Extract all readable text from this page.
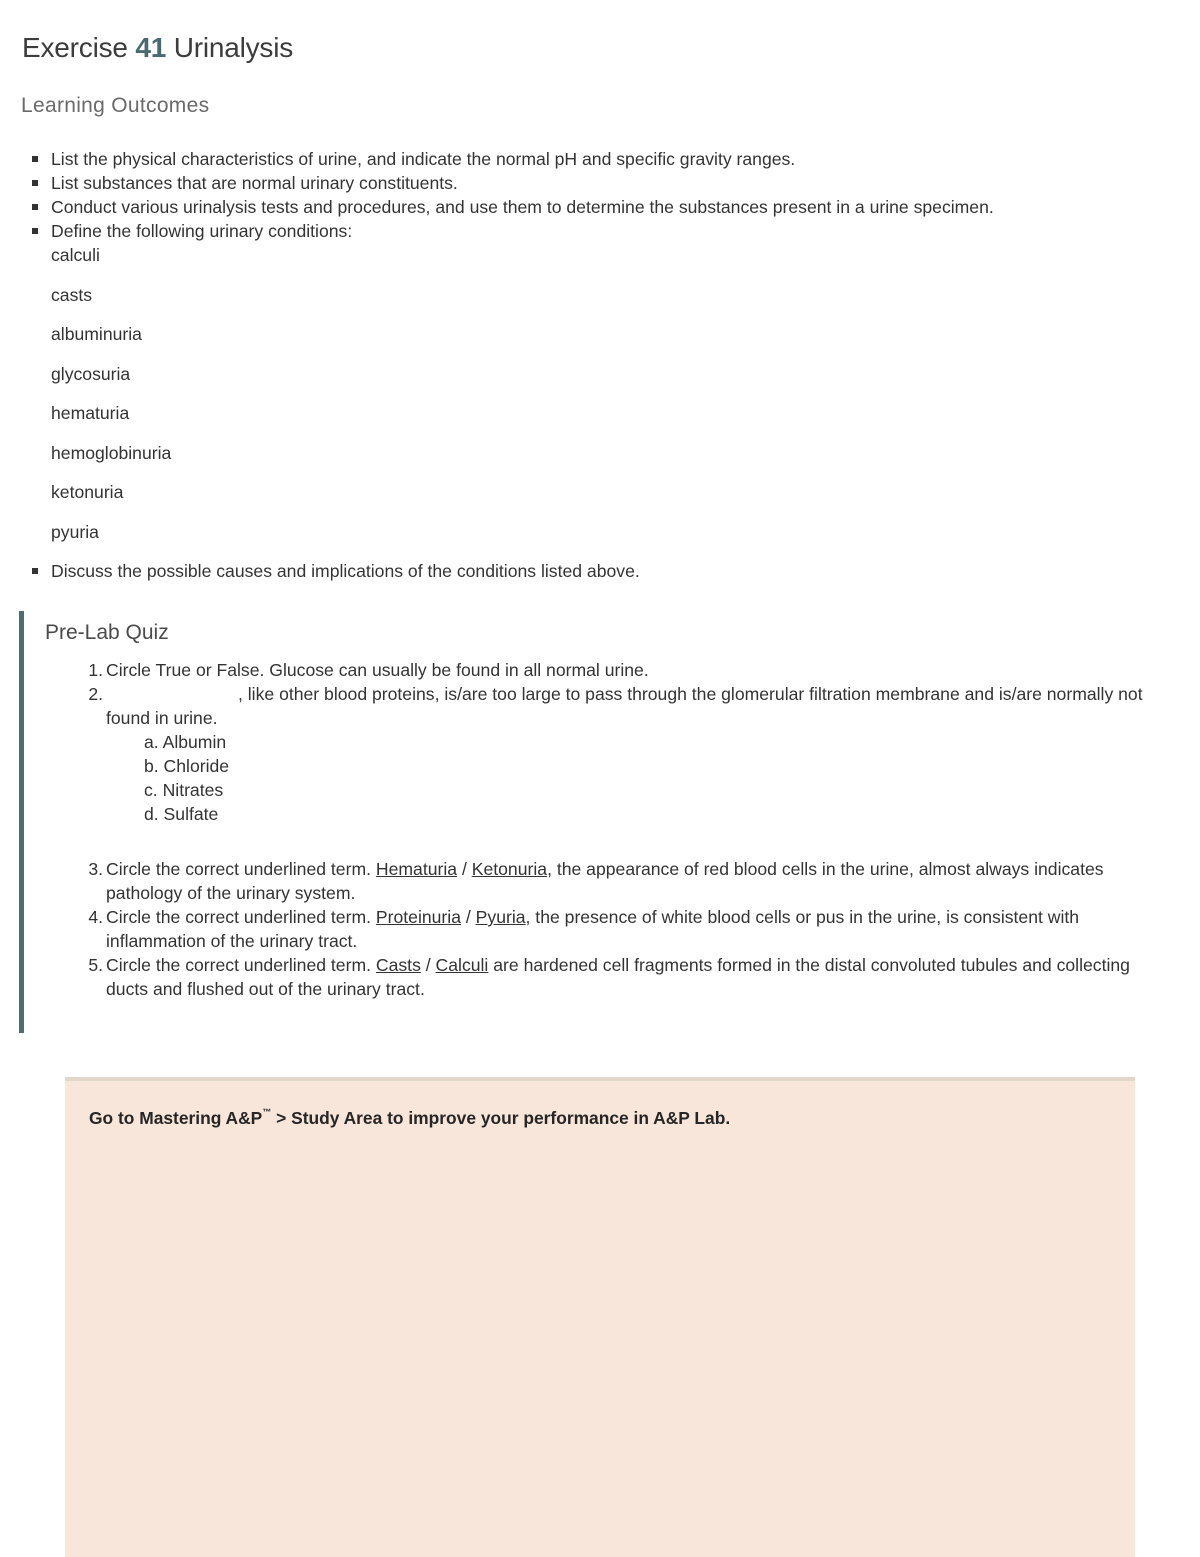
Exercise 41 Urinalysis
Learning Outcomes
List the physical characteristics of urine, and indicate the normal pH and specific gravity ranges.
List substances that are normal urinary constituents.
Conduct various urinalysis tests and procedures, and use them to determine the substances present in a urine specimen.
Define the following urinary conditions:
calculi
casts
albuminuria
glycosuria
hematuria
hemoglobinuria
ketonuria
pyuria
Discuss the possible causes and implications of the conditions listed above.
Pre-Lab Quiz
1. Circle True or False. Glucose can usually be found in all normal urine.
2.	, like other blood proteins, is/are too large to pass through the glomerular filtration membrane and is/are normally not found in urine.
a. Albumin
b. Chloride
c. Nitrates
d. Sulfate
3. Circle the correct underlined term. Hematuria / Ketonuria, the appearance of red blood cells in the urine, almost always indicates pathology of the urinary system.
4. Circle the correct underlined term. Proteinuria / Pyuria, the presence of white blood cells or pus in the urine, is consistent with inflammation of the urinary tract.
5. Circle the correct underlined term. Casts / Calculi are hardened cell fragments formed in the distal convoluted tubules and collecting ducts and flushed out of the urinary tract.

Go to Mastering A&P™ > Study Area to improve your performance in A&P Lab.
